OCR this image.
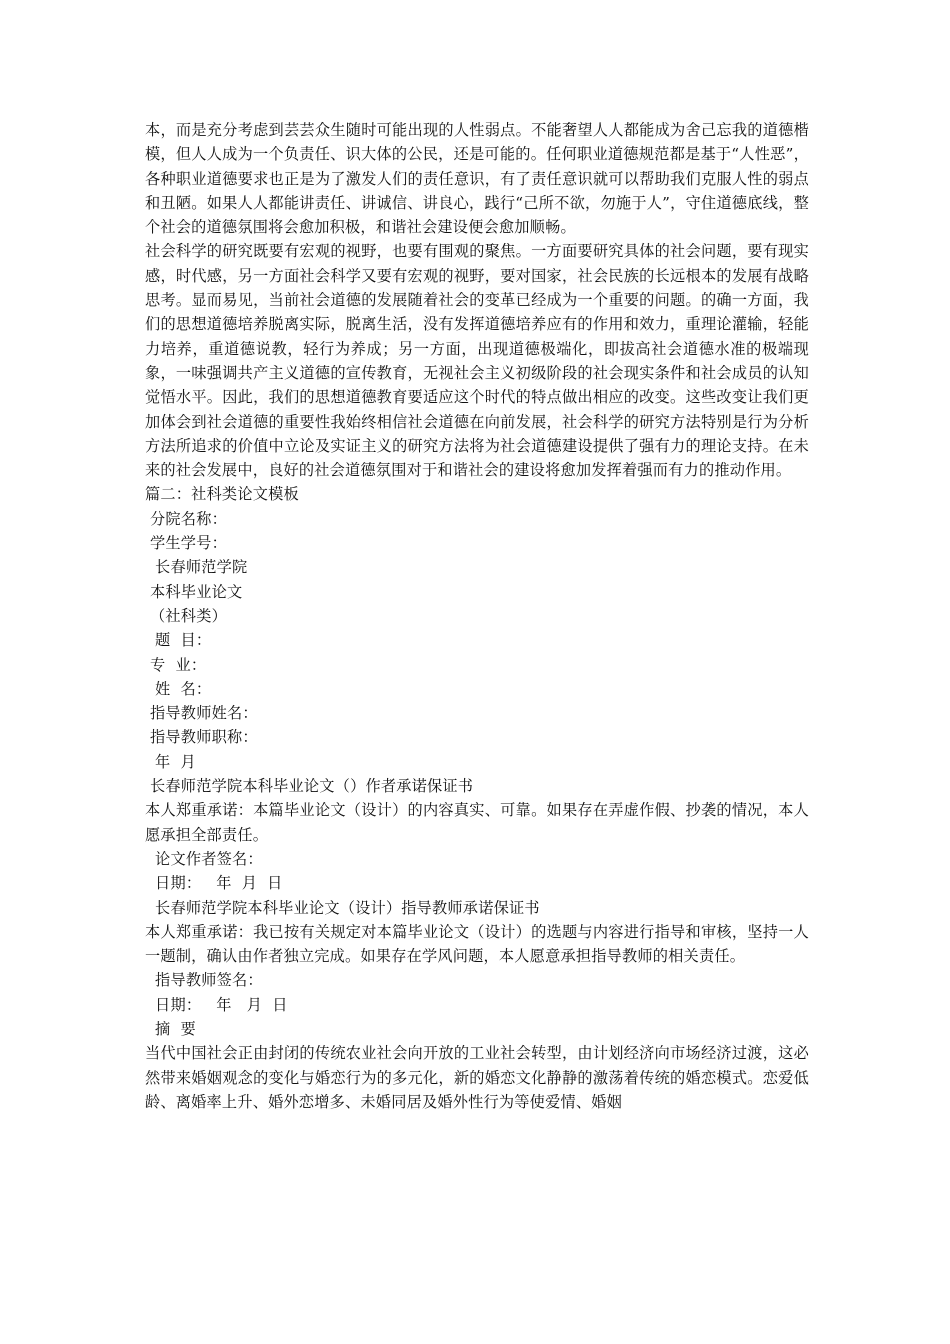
本，而是充分考虑到芸芸众生随时可能出现的人性弱点。不能奢望人人都能成为舍己忘我的道德楷模，但人人成为一个负责任、识大体的公民，还是可能的。任何职业道德规范都是基于“人性恶”，各种职业道德要求也正是为了激发人们的责任意识，有了责任意识就可以帮助我们克服人性的弱点和丑陋。如果人人都能讲责任、讲诚信、讲良心，践行“己所不欲，勿施于人”，守住道德底线，整个社会的道德氛围将会愈加积极，和谐社会建设便会愈加顺畅。

社会科学的研究既要有宏观的视野，也要有围观的聚焦。一方面要研究具体的社会问题，要有现实感，时代感，另一方面社会科学又要有宏观的视野，要对国家，社会民族的长远根本的发展有战略思考。显而易见，当前社会道德的发展随着社会的变革已经成为一个重要的问题。的确一方面，我们的思想道德培养脱离实际，脱离生活，没有发挥道德培养应有的作用和效力，重理论灌输，轻能力培养，重道德说教，轻行为养成；另一方面，出现道德极端化，即拔高社会道德水准的极端现象，一味强调共产主义道德的宣传教育，无视社会主义初级阶段的社会现实条件和社会成员的认知觉悟水平。因此，我们的思想道德教育要适应这个时代的特点做出相应的改变。这些改变让我们更加体会到社会道德的重要性我始终相信社会道德在向前发展，社会科学的研究方法特别是行为分析方法所追求的价值中立论及实证主义的研究方法将为社会道德建设提供了强有力的理论支持。在未来的社会发展中，良好的社会道德氛围对于和谐社会的建设将愈加发挥着强而有力的推动作用。

篇二：社科类论文模板

分院名称：

学生学号：

长春师范学院

本科毕业论文

（社科类）

题  目：

专  业：

姓  名：

指导教师姓名：

指导教师职称：

年  月

长春师范学院本科毕业论文（）作者承诺保证书

本人郑重承诺：本篇毕业论文（设计）的内容真实、可靠。如果存在弄虚作假、抄袭的情况，本人愿承担全部责任。

论文作者签名：

日期：   年  月  日

长春师范学院本科毕业论文（设计）指导教师承诺保证书

本人郑重承诺：我已按有关规定对本篇毕业论文（设计）的选题与内容进行指导和审核，坚持一人一题制，确认由作者独立完成。如果存在学风问题，本人愿意承担指导教师的相关责任。

指导教师签名：

日期：   年   月  日

摘  要

当代中国社会正由封闭的传统农业社会向开放的工业社会转型，由计划经济向市场经济过渡，这必然带来婚姻观念的变化与婚恋行为的多元化，新的婚恋文化静静的激荡着传统的婚恋模式。恋爱低龄、离婚率上升、婚外恋增多、未婚同居及婚外性行为等使爱情、婚姻
